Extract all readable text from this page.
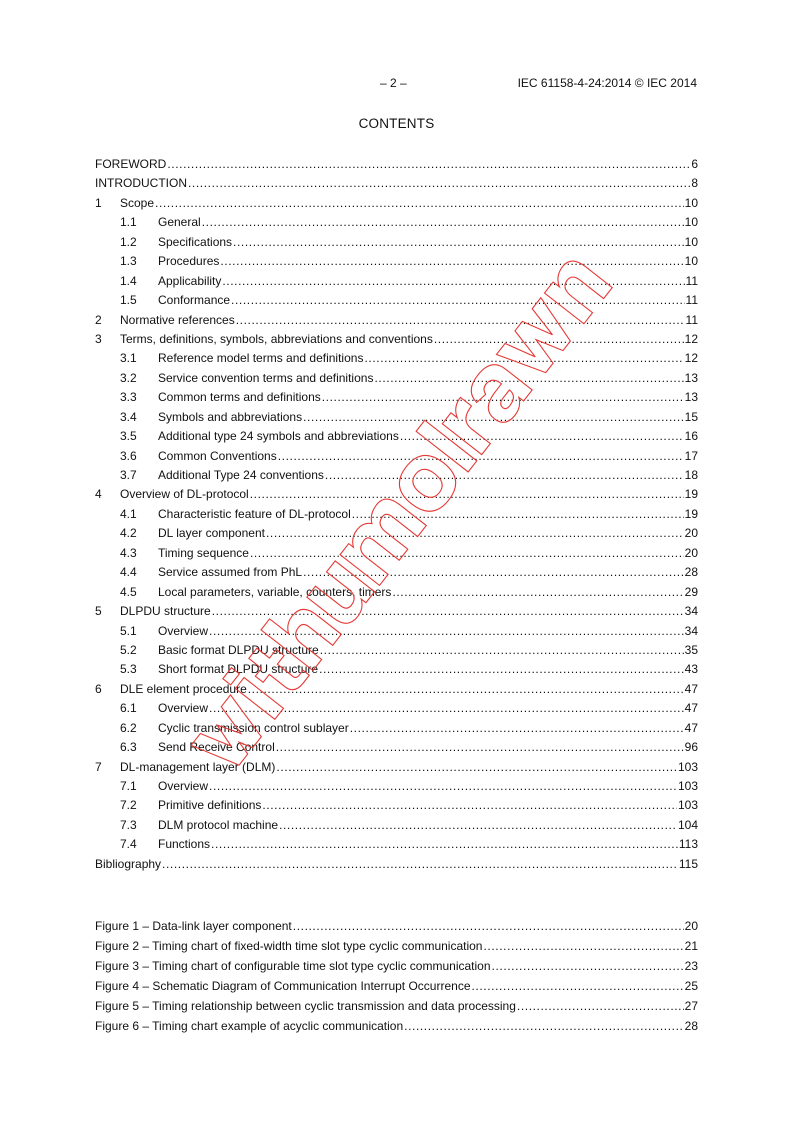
– 2 –	IEC 61158-4-24:2014 © IEC 2014
CONTENTS
FOREWORD .....	6
INTRODUCTION .....	8
1	Scope .....	10
1.1	General .....	10
1.2	Specifications .....	10
1.3	Procedures .....	10
1.4	Applicability .....	11
1.5	Conformance .....	11
2	Normative references .....	11
3	Terms, definitions, symbols, abbreviations and conventions .....	12
3.1	Reference model terms and definitions .....	12
3.2	Service convention terms and definitions .....	13
3.3	Common terms and definitions .....	13
3.4	Symbols and abbreviations .....	15
3.5	Additional type 24 symbols and abbreviations .....	16
3.6	Common Conventions .....	17
3.7	Additional Type 24 conventions .....	18
4	Overview of DL-protocol .....	19
4.1	Characteristic feature of DL-protocol .....	19
4.2	DL layer component .....	20
4.3	Timing sequence .....	20
4.4	Service assumed from PhL .....	28
4.5	Local parameters, variable, counters, timers .....	29
5	DLPDU structure .....	34
5.1	Overview .....	34
5.2	Basic format DLPDU structure .....	35
5.3	Short format DLPDU structure .....	43
6	DLE element procedure .....	47
6.1	Overview .....	47
6.2	Cyclic transmission control sublayer .....	47
6.3	Send Receive Control .....	96
7	DL-management layer (DLM) .....	103
7.1	Overview .....	103
7.2	Primitive definitions .....	103
7.3	DLM protocol machine .....	104
7.4	Functions .....	113
Bibliography .....	115
Figure 1 – Data-link layer component .....	20
Figure 2 – Timing chart of fixed-width time slot type cyclic communication .....	21
Figure 3 – Timing chart of configurable time slot type cyclic communication .....	23
Figure 4 – Schematic Diagram of Communication Interrupt Occurrence .....	25
Figure 5 – Timing relationship between cyclic transmission and data processing .....	27
Figure 6 – Timing chart example of acyclic communication .....	28
